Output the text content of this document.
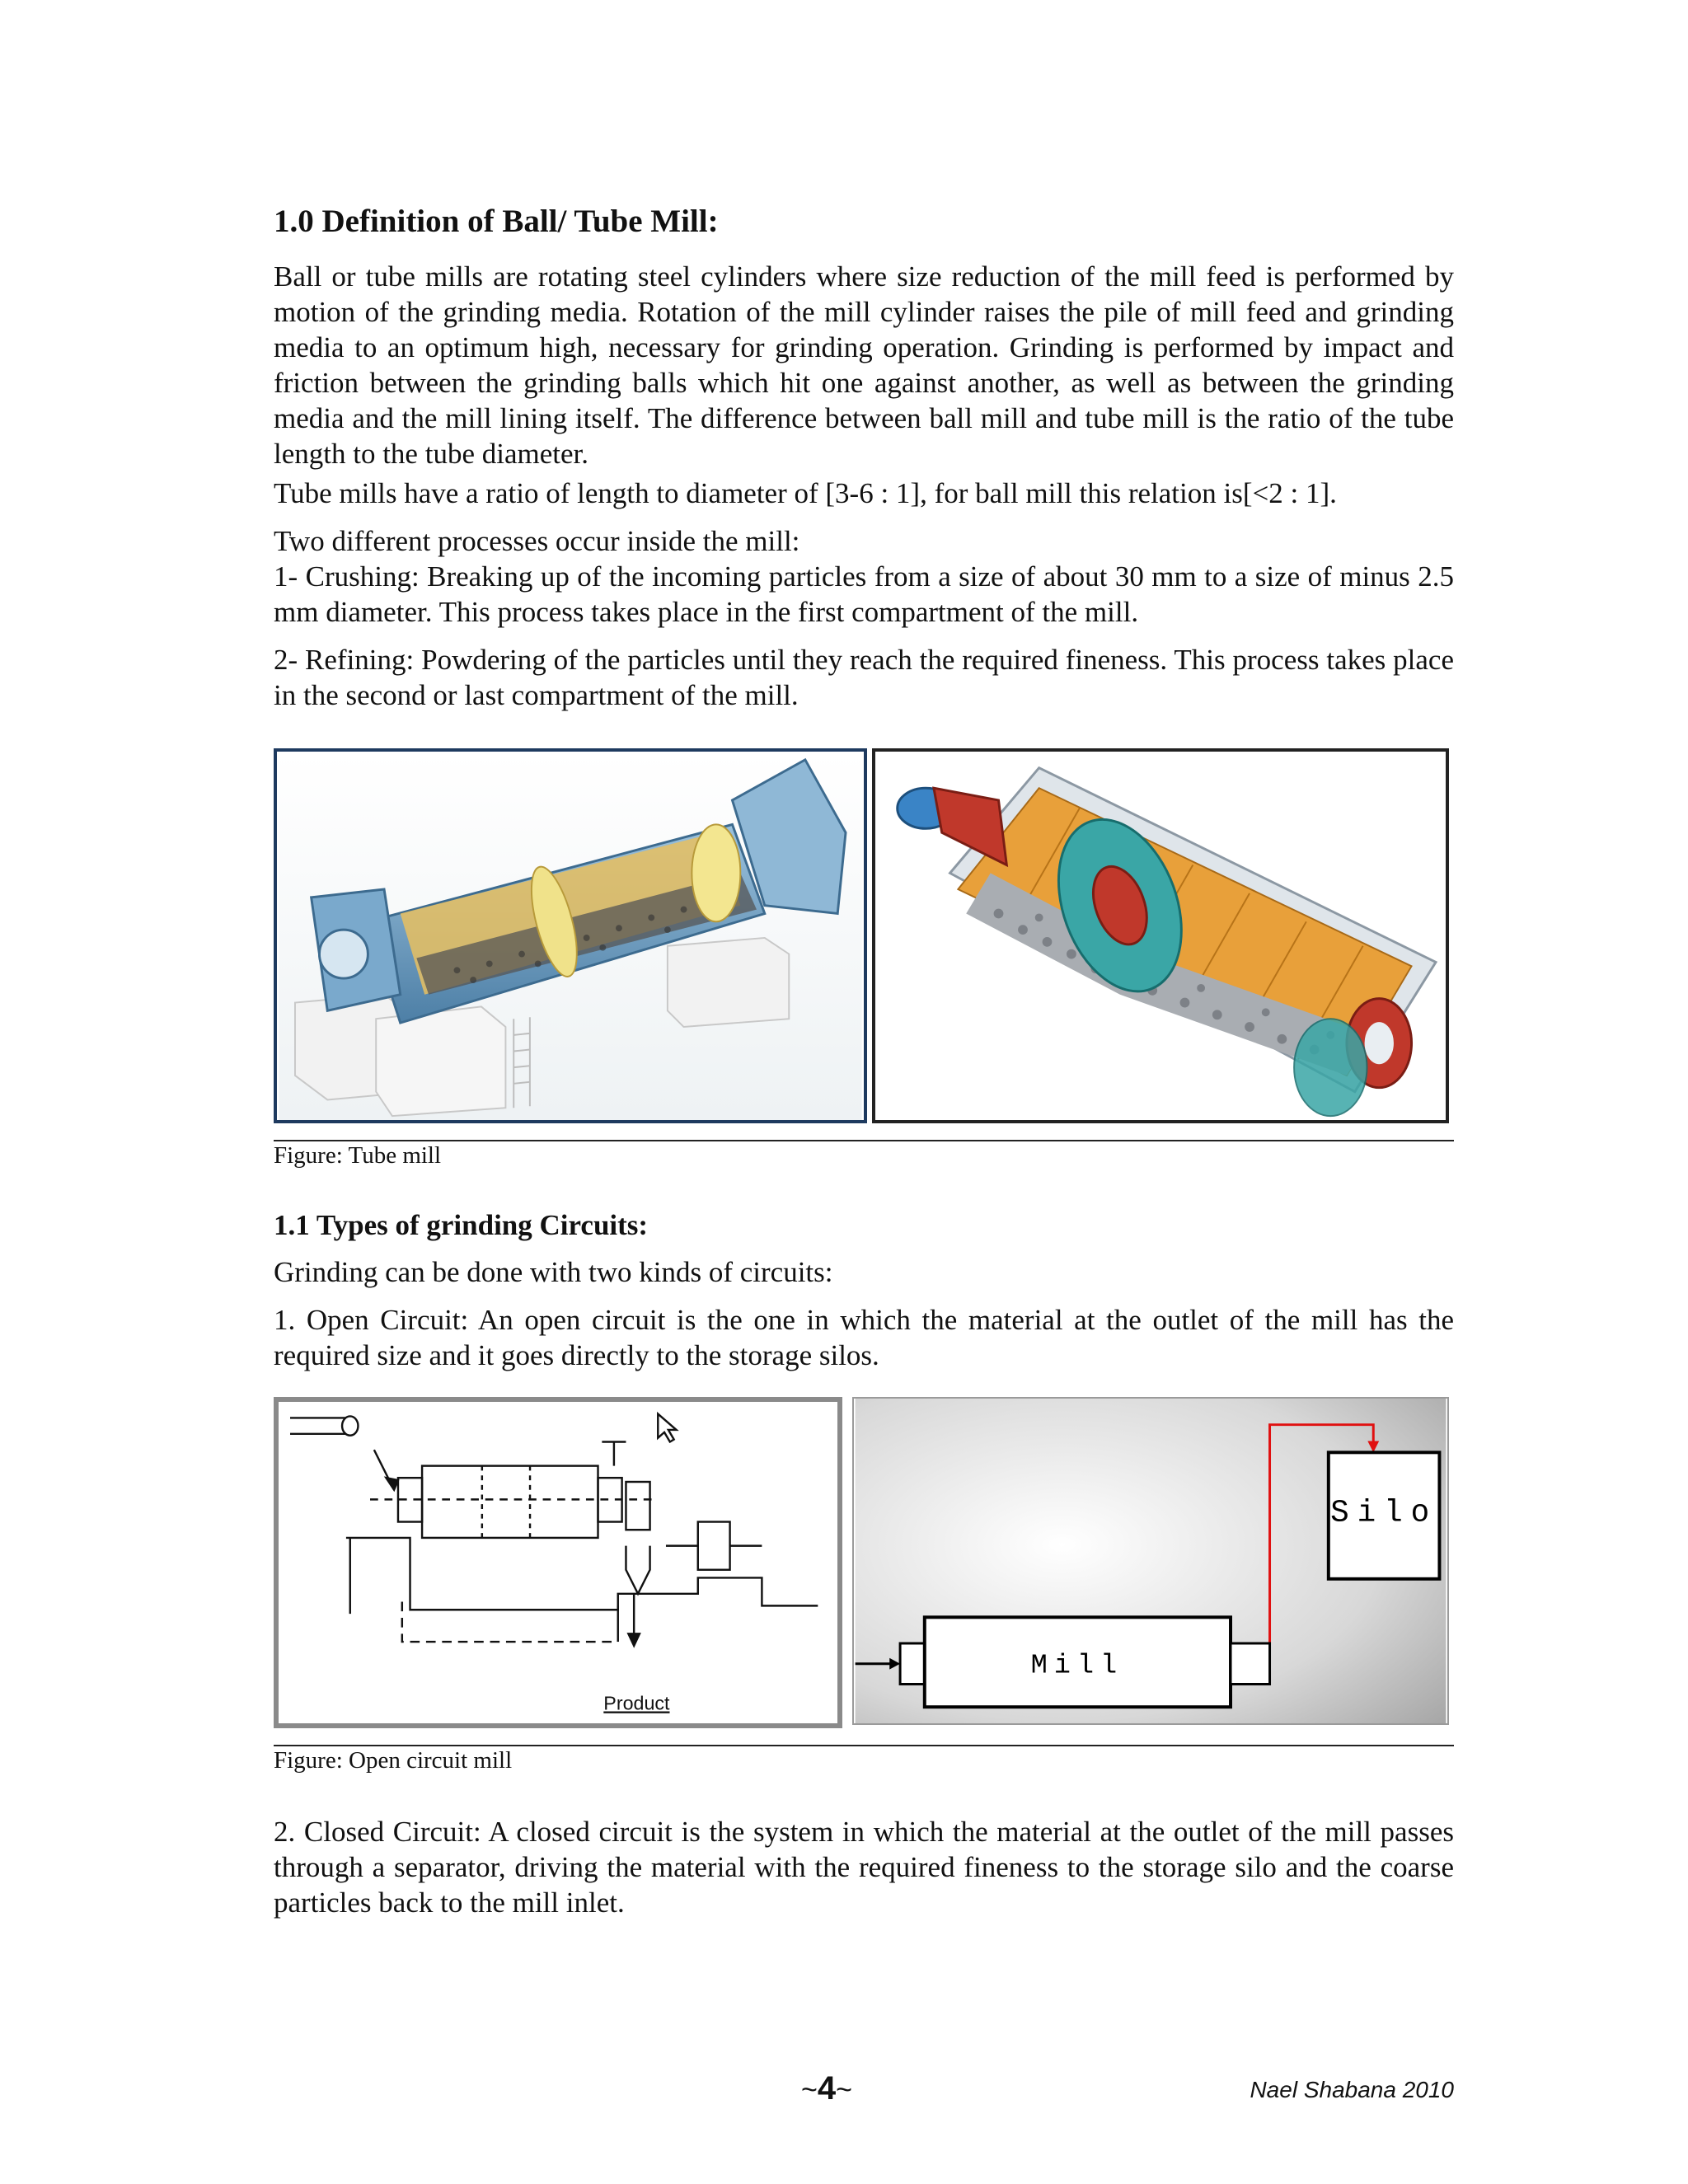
1.0 Definition of Ball/ Tube Mill:

Ball or tube mills are rotating steel cylinders where size reduction of the mill feed is performed by motion of the grinding media. Rotation of the mill cylinder raises the pile of mill feed and grinding media to an optimum high, necessary for grinding operation. Grinding is performed by impact and friction between the grinding balls which hit one against another, as well as between the grinding media and the mill lining itself. The difference between ball mill and tube mill is the ratio of the tube length to the tube diameter.

Tube mills have a ratio of length to diameter of [3-6 : 1], for ball mill this relation is[<2 : 1].

Two different processes occur inside the mill:

1- Crushing: Breaking up of the incoming particles from a size of about 30 mm to a size of minus 2.5 mm diameter. This process takes place in the first compartment of the mill.

2- Refining: Powdering of the particles until they reach the required fineness. This process takes place in the second or last compartment of the mill.

Figure: Tube mill

1.1 Types of grinding Circuits:

Grinding can be done with two kinds of circuits:

1. Open Circuit: An open circuit is the one in which the material at the outlet of the mill has the required size and it goes directly to the storage silos.

Product
Silo
Mill

Figure: Open circuit mill

2. Closed Circuit: A closed circuit is the system in which the material at the outlet of the mill passes through a separator, driving the material with the required fineness to the storage silo and the coarse particles back to the mill inlet.

~4~	Nael Shabana 2010
